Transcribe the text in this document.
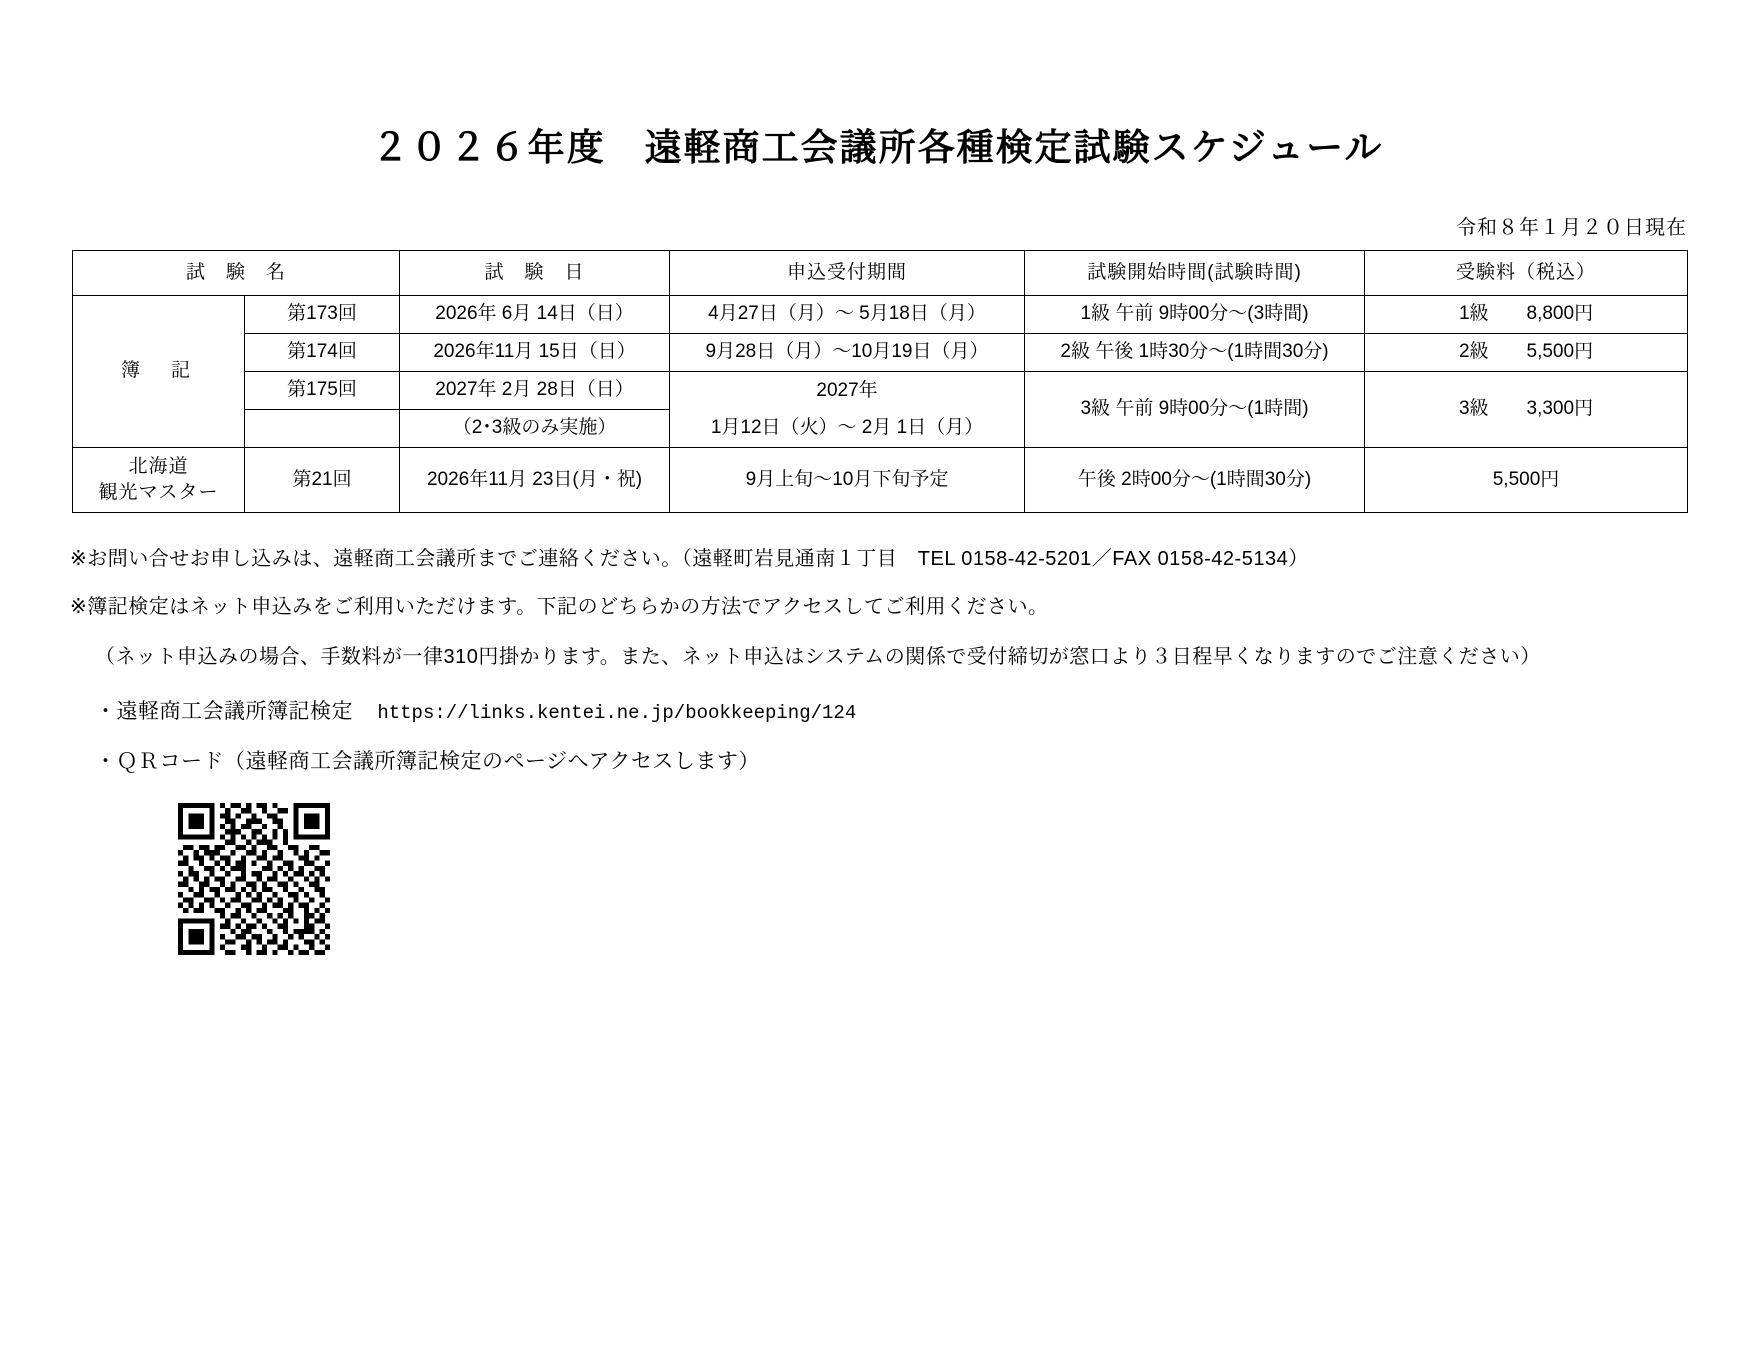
２０２６年度　遠軽商工会議所各種検定試験スケジュール
令和８年１月２０日現在
試　験　名		試　験　日	申込受付期間	試験開始時間(試験時間)	受験料（税込）
簿　記	第173回	2026年 6月 14日（日）	4月27日（月）～ 5月18日（月）	1級 午前 9時00分～(3時間)	1級　　8,800円
	第174回	2026年11月 15日（日）	9月28日（月）～10月19日（月）	2級 午後 1時30分～(1時間30分)	2級　　5,500円
	第175回	2027年 2月 28日（日）	2027年	3級 午前 9時00分～(1時間)	3級　　3,300円
		（2･3級のみ実施）	1月12日（火）～ 2月 1日（月）		
北海道
観光マスター	第21回	2026年11月 23日(月・祝)	9月上旬～10月下旬予定	午後 2時00分～(1時間30分)	5,500円
※お問い合せお申し込みは、遠軽商工会議所までご連絡ください。（遠軽町岩見通南１丁目　TEL 0158-42-5201／FAX 0158-42-5134）
※簿記検定はネット申込みをご利用いただけます。下記のどちらかの方法でアクセスしてご利用ください。
（ネット申込みの場合、手数料が一律310円掛かります。また、ネット申込はシステムの関係で受付締切が窓口より３日程早くなりますのでご注意ください）
・遠軽商工会議所簿記検定 https://links.kentei.ne.jp/bookkeeping/124
・ＱＲコード（遠軽商工会議所簿記検定のページへアクセスします）
